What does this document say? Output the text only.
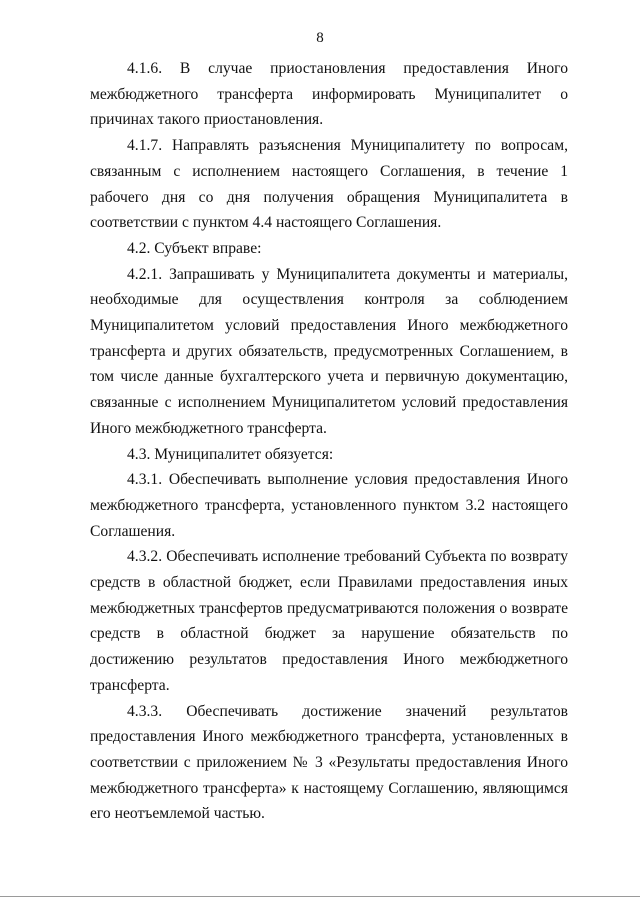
8

4.1.6. В случае приостановления предоставления Иного межбюджетного трансферта информировать Муниципалитет о причинах такого приостановления.

4.1.7. Направлять разъяснения Муниципалитету по вопросам, связанным с исполнением настоящего Соглашения, в течение 1 рабочего дня со дня получения обращения Муниципалитета в соответствии с пунктом 4.4 настоящего Соглашения.

4.2. Субъект вправе:

4.2.1. Запрашивать у Муниципалитета документы и материалы, необходимые для осуществления контроля за соблюдением Муниципалитетом условий предоставления Иного межбюджетного трансферта и других обязательств, предусмотренных Соглашением, в том числе данные бухгалтерского учета и первичную документацию, связанные с исполнением Муниципалитетом условий предоставления Иного межбюджетного трансферта.

4.3. Муниципалитет обязуется:

4.3.1. Обеспечивать выполнение условия предоставления Иного межбюджетного трансферта, установленного пунктом 3.2 настоящего Соглашения.

4.3.2. Обеспечивать исполнение требований Субъекта по возврату средств в областной бюджет, если Правилами предоставления иных межбюджетных трансфертов предусматриваются положения о возврате средств в областной бюджет за нарушение обязательств по достижению результатов предоставления Иного межбюджетного трансферта.

4.3.3. Обеспечивать достижение значений результатов предоставления Иного межбюджетного трансферта, установленных в соответствии с приложением № 3 «Результаты предоставления Иного межбюджетного трансферта» к настоящему Соглашению, являющимся его неотъемлемой частью.
